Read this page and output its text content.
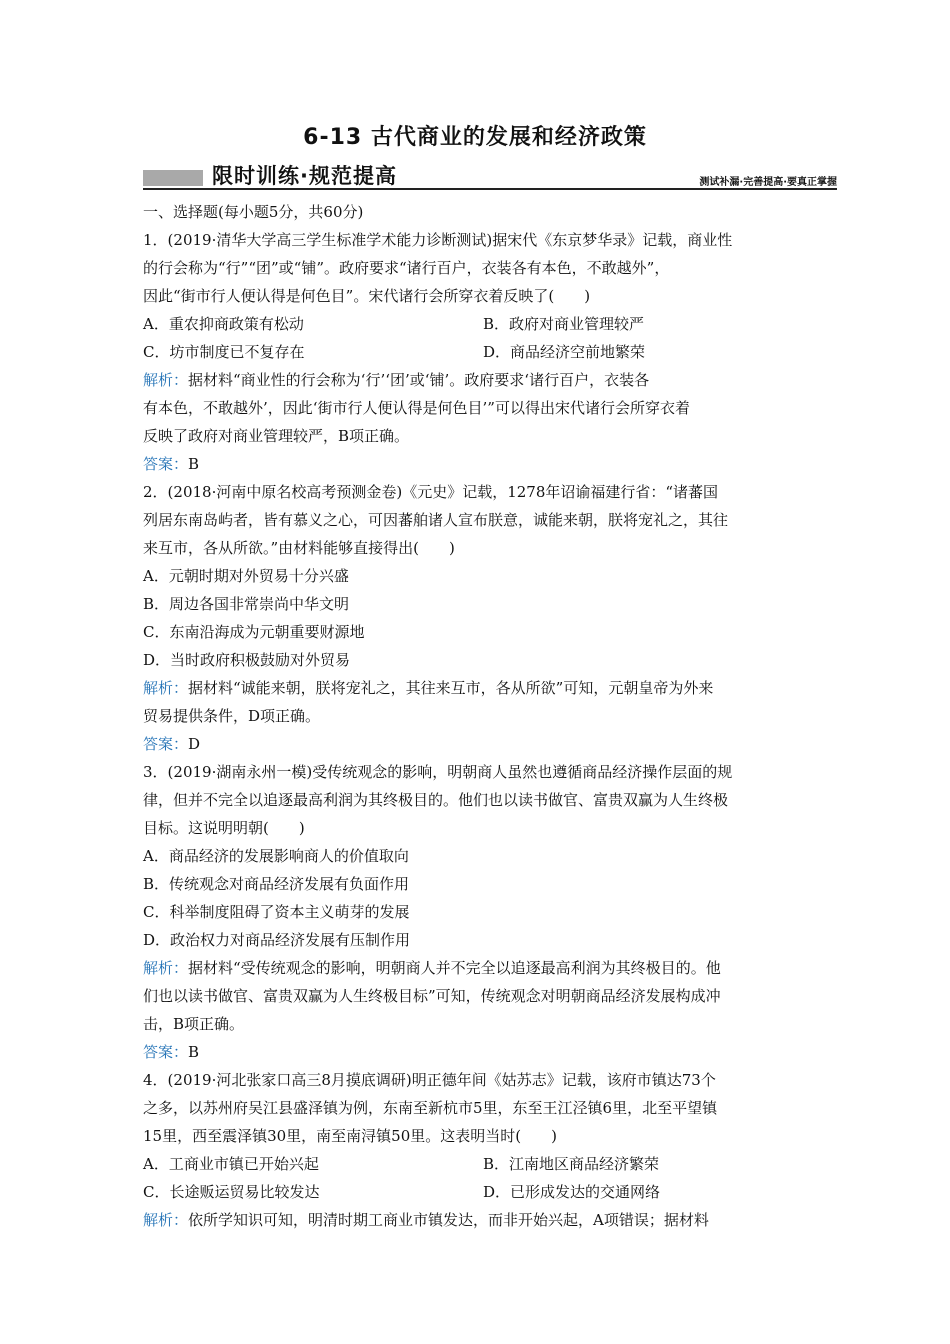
6-13 古代商业的发展和经济政策
限时训练·规范提高	测试补漏·完善提高·要真正掌握

一、选择题(每小题5分，共60分)

1．(2019·清华大学高三学生标准学术能力诊断测试)据宋代《东京梦华录》记载，商业性

的行会称为“行”“团”或“铺”。政府要求“诸行百户，衣装各有本色，不敢越外”，

因此“街市行人便认得是何色目”。宋代诸行会所穿衣着反映了(　　)

A．重农抑商政策有松动	B．政府对商业管理较严
C．坊市制度已不复存在	D．商品经济空前地繁荣

解析：据材料“商业性的行会称为‘行’‘团’或‘铺’。政府要求‘诸行百户，衣装各

有本色，不敢越外’，因此‘街市行人便认得是何色目’”可以得出宋代诸行会所穿衣着

反映了政府对商业管理较严，B项正确。

答案：B

2．(2018·河南中原名校高考预测金卷)《元史》记载，1278年诏谕福建行省：“诸蕃国

列居东南岛屿者，皆有慕义之心，可因蕃舶诸人宣布朕意，诚能来朝，朕将宠礼之，其往

来互市，各从所欲。”由材料能够直接得出(　　)

A．元朝时期对外贸易十分兴盛

B．周边各国非常崇尚中华文明

C．东南沿海成为元朝重要财源地

D．当时政府积极鼓励对外贸易

解析：据材料“诚能来朝，朕将宠礼之，其往来互市，各从所欲”可知，元朝皇帝为外来

贸易提供条件，D项正确。

答案：D

3．(2019·湖南永州一模)受传统观念的影响，明朝商人虽然也遵循商品经济操作层面的规

律，但并不完全以追逐最高利润为其终极目的。他们也以读书做官、富贵双赢为人生终极

目标。这说明明朝(　　)

A．商品经济的发展影响商人的价值取向

B．传统观念对商品经济发展有负面作用

C．科举制度阻碍了资本主义萌芽的发展

D．政治权力对商品经济发展有压制作用

解析：据材料“受传统观念的影响，明朝商人并不完全以追逐最高利润为其终极目的。他

们也以读书做官、富贵双赢为人生终极目标”可知，传统观念对明朝商品经济发展构成冲

击，B项正确。

答案：B

4．(2019·河北张家口高三8月摸底调研)明正德年间《姑苏志》记载，该府市镇达73个

之多，以苏州府吴江县盛泽镇为例，东南至新杭市5里，东至王江泾镇6里，北至平望镇

15里，西至震泽镇30里，南至南浔镇50里。这表明当时(　　)

A．工商业市镇已开始兴起	B．江南地区商品经济繁荣
C．长途贩运贸易比较发达	D．已形成发达的交通网络

解析：依所学知识可知，明清时期工商业市镇发达，而非开始兴起，A项错误；据材料
